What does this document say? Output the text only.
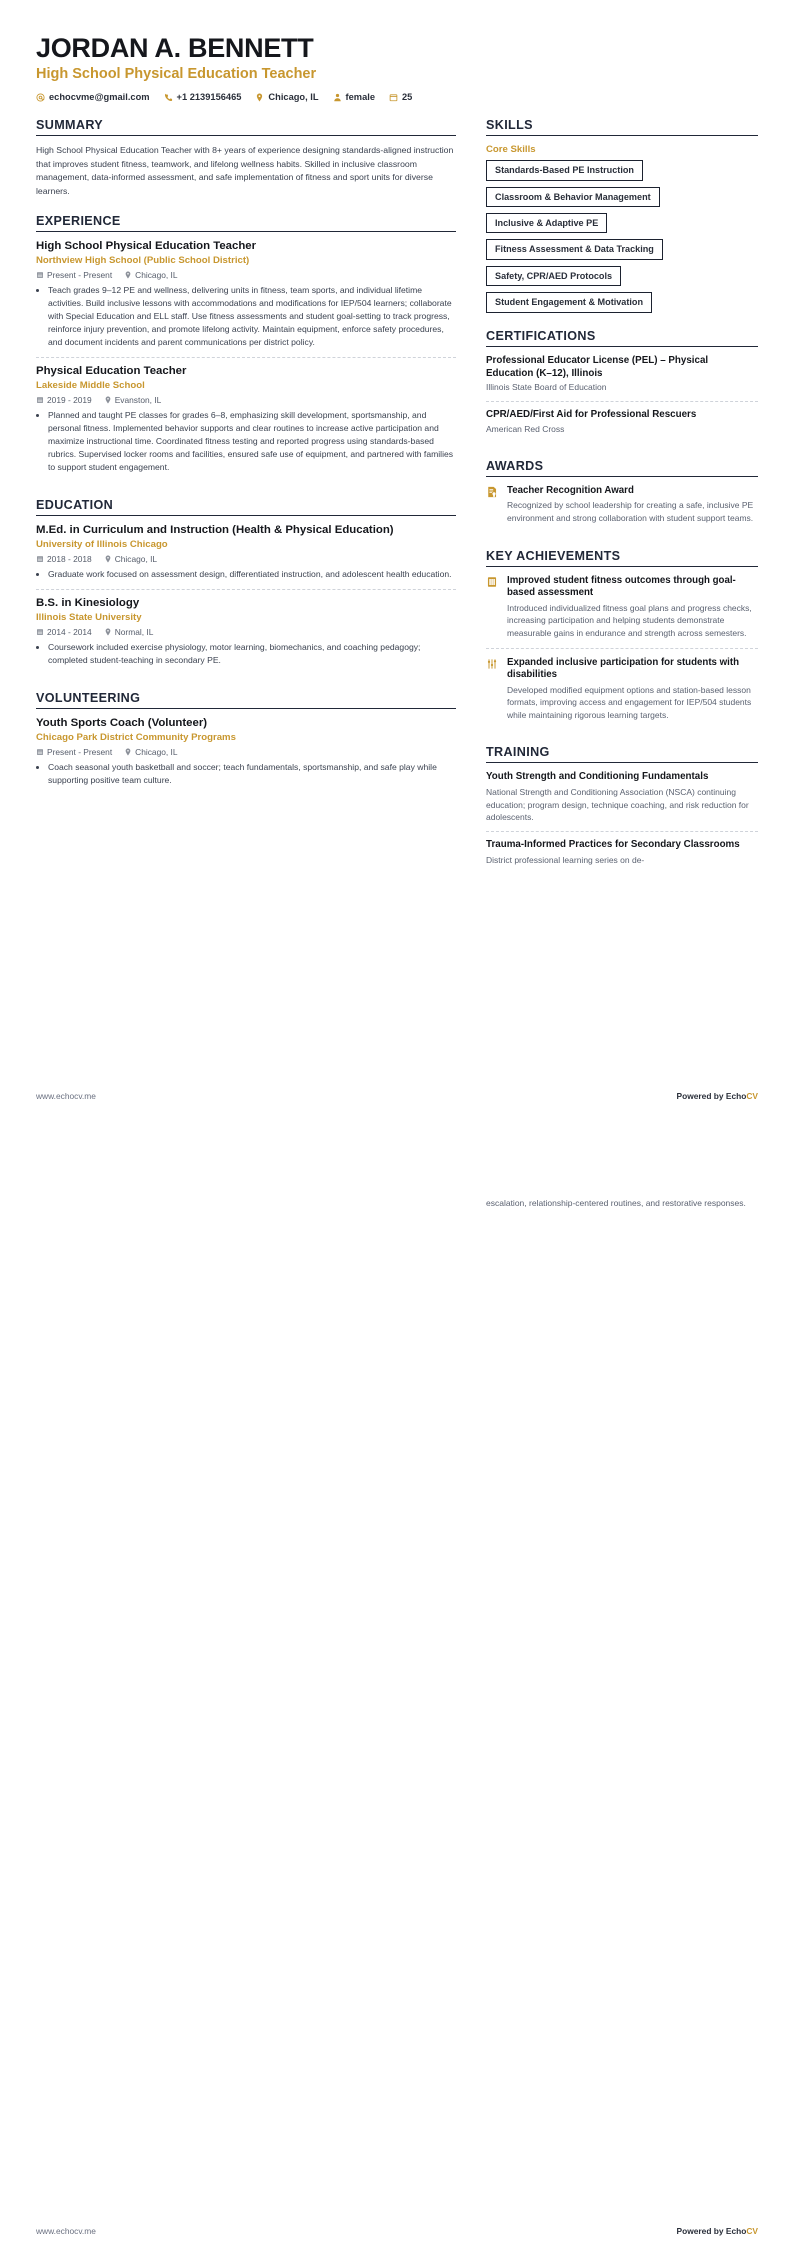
JORDAN A. BENNETT
High School Physical Education Teacher
echocvme@gmail.com	+1 2139156465	Chicago, IL	female	25
SUMMARY

High School Physical Education Teacher with 8+ years of experience designing standards-aligned instruction that improves student fitness, teamwork, and lifelong wellness habits. Skilled in inclusive classroom management, data-informed assessment, and safe implementation of fitness and sport units for diverse learners.

EXPERIENCE
High School Physical Education Teacher
Northview High School (Public School District)
Present - Present	Chicago, IL
• Teach grades 9–12 PE and wellness, delivering units in fitness, team sports, and individual lifetime activities. Build inclusive lessons with accommodations and modifications for IEP/504 learners; collaborate with Special Education and ELL staff. Use fitness assessments and student goal-setting to track progress, reinforce injury prevention, and promote lifelong activity. Maintain equipment, enforce safety procedures, and document incidents and parent communications per district policy.
Physical Education Teacher
Lakeside Middle School
2019 - 2019	Evanston, IL
• Planned and taught PE classes for grades 6–8, emphasizing skill development, sportsmanship, and personal fitness. Implemented behavior supports and clear routines to increase active participation and maximize instructional time. Coordinated fitness testing and reported progress using standards-based rubrics. Supervised locker rooms and facilities, ensured safe use of equipment, and partnered with families to support student engagement.
EDUCATION
M.Ed. in Curriculum and Instruction (Health & Physical Education)
University of Illinois Chicago
2018 - 2018	Chicago, IL
• Graduate work focused on assessment design, differentiated instruction, and adolescent health education.
B.S. in Kinesiology
Illinois State University
2014 - 2014	Normal, IL
• Coursework included exercise physiology, motor learning, biomechanics, and coaching pedagogy; completed student-teaching in secondary PE.
VOLUNTEERING
Youth Sports Coach (Volunteer)
Chicago Park District Community Programs
Present - Present	Chicago, IL
• Coach seasonal youth basketball and soccer; teach fundamentals, sportsmanship, and safe play while supporting positive team culture.
SKILLS
Core Skills
Standards-Based PE Instruction
Classroom & Behavior Management
Inclusive & Adaptive PE
Fitness Assessment & Data Tracking
Safety, CPR/AED Protocols
Student Engagement & Motivation
CERTIFICATIONS
Professional Educator License (PEL) – Physical Education (K–12), Illinois

Illinois State Board of Education

CPR/AED/First Aid for Professional Rescuers

American Red Cross

AWARDS
Teacher Recognition Award

Recognized by school leadership for creating a safe, inclusive PE environment and strong collaboration with student support teams.

KEY ACHIEVEMENTS
Improved student fitness outcomes through goal-based assessment

Introduced individualized fitness goal plans and progress checks, increasing participation and helping students demonstrate measurable gains in endurance and strength across semesters.

Expanded inclusive participation for students with disabilities

Developed modified equipment options and station-based lesson formats, improving access and engagement for IEP/504 students while maintaining rigorous learning targets.

TRAINING
Youth Strength and Conditioning Fundamentals

National Strength and Conditioning Association (NSCA) continuing education; program design, technique coaching, and risk reduction for adolescents.

Trauma-Informed Practices for Secondary Classrooms

District professional learning series on de-

www.echocv.me	Powered by EchoCV

escalation, relationship-centered routines, and restorative responses.

www.echocv.me	Powered by EchoCV
